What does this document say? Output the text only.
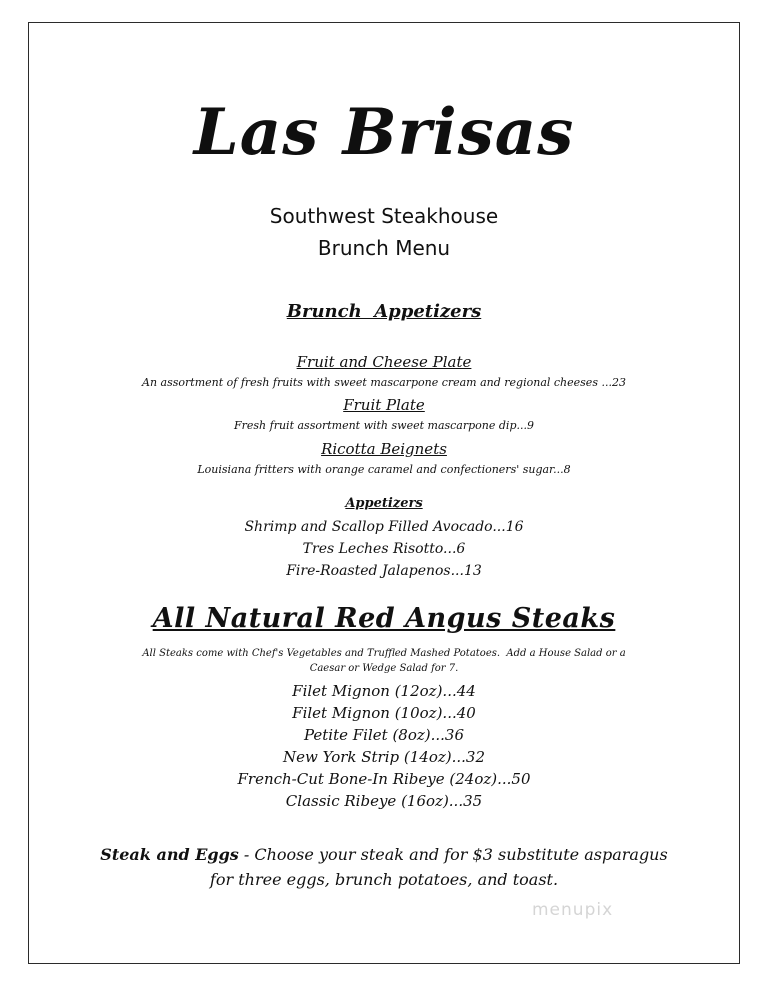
Las Brisas
Southwest Steakhouse
Brunch Menu
Brunch  Appetizers
Fruit and Cheese Plate
An assortment of fresh fruits with sweet mascarpone cream and regional cheeses ...23
Fruit Plate
Fresh fruit assortment with sweet mascarpone dip...9
Ricotta Beignets
Louisiana fritters with orange caramel and confectioners' sugar...8
Appetizers
Shrimp and Scallop Filled Avocado...16
Tres Leches Risotto...6
Fire-Roasted Jalapenos...13
All Natural Red Angus Steaks
All Steaks come with Chef's Vegetables and Truffled Mashed Potatoes.  Add a House Salad or a
Caesar or Wedge Salad for 7.
Filet Mignon (12oz)...44
Filet Mignon (10oz)...40
Petite Filet (8oz)...36
New York Strip (14oz)...32
French-Cut Bone-In Ribeye (24oz)...50
Classic Ribeye (16oz)...35
Steak and Eggs - Choose your steak and for $3 substitute asparagus
for three eggs, brunch potatoes, and toast.
menupix
